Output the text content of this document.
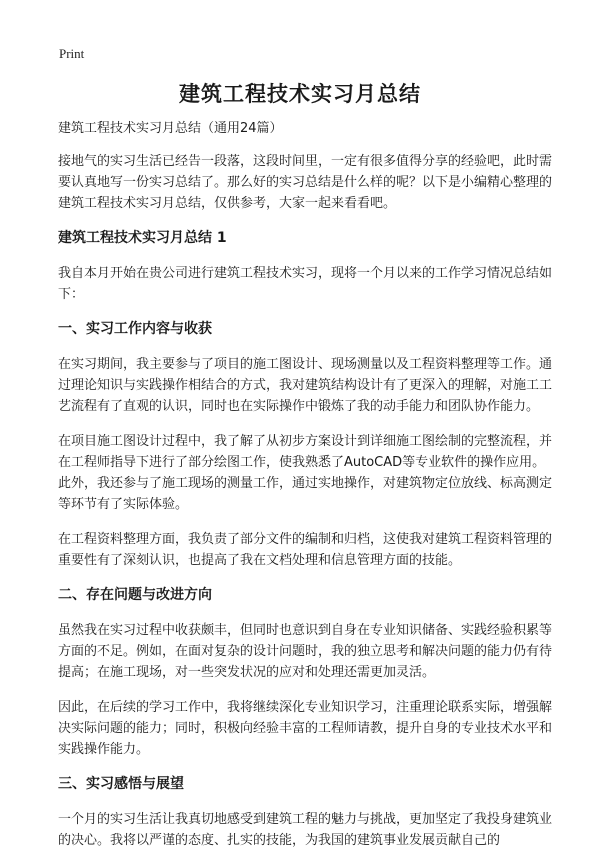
Print
建筑工程技术实习月总结

建筑工程技术实习月总结（通用24篇）

接地气的实习生活已经告一段落，这段时间里，一定有很多值得分享的经验吧，此时需要认真地写一份实习总结了。那么好的实习总结是什么样的呢？以下是小编精心整理的建筑工程技术实习月总结，仅供参考，大家一起来看看吧。

建筑工程技术实习月总结 1

我自本月开始在贵公司进行建筑工程技术实习，现将一个月以来的工作学习情况总结如下：

一、实习工作内容与收获

在实习期间，我主要参与了项目的施工图设计、现场测量以及工程资料整理等工作。通过理论知识与实践操作相结合的方式，我对建筑结构设计有了更深入的理解，对施工工艺流程有了直观的认识，同时也在实际操作中锻炼了我的动手能力和团队协作能力。

在项目施工图设计过程中，我了解了从初步方案设计到详细施工图绘制的完整流程，并在工程师指导下进行了部分绘图工作，使我熟悉了AutoCAD等专业软件的操作应用。此外，我还参与了施工现场的测量工作，通过实地操作，对建筑物定位放线、标高测定等环节有了实际体验。

在工程资料整理方面，我负责了部分文件的编制和归档，这使我对建筑工程资料管理的重要性有了深刻认识，也提高了我在文档处理和信息管理方面的技能。

二、存在问题与改进方向

虽然我在实习过程中收获颇丰，但同时也意识到自身在专业知识储备、实践经验积累等方面的不足。例如，在面对复杂的设计问题时，我的独立思考和解决问题的能力仍有待提高；在施工现场，对一些突发状况的应对和处理还需更加灵活。

因此，在后续的学习工作中，我将继续深化专业知识学习，注重理论联系实际，增强解决实际问题的能力；同时，积极向经验丰富的工程师请教，提升自身的专业技术水平和实践操作能力。

三、实习感悟与展望

一个月的实习生活让我真切地感受到建筑工程的魅力与挑战，更加坚定了我投身建筑业的决心。我将以严谨的态度、扎实的技能，为我国的建筑事业发展贡献自己的
